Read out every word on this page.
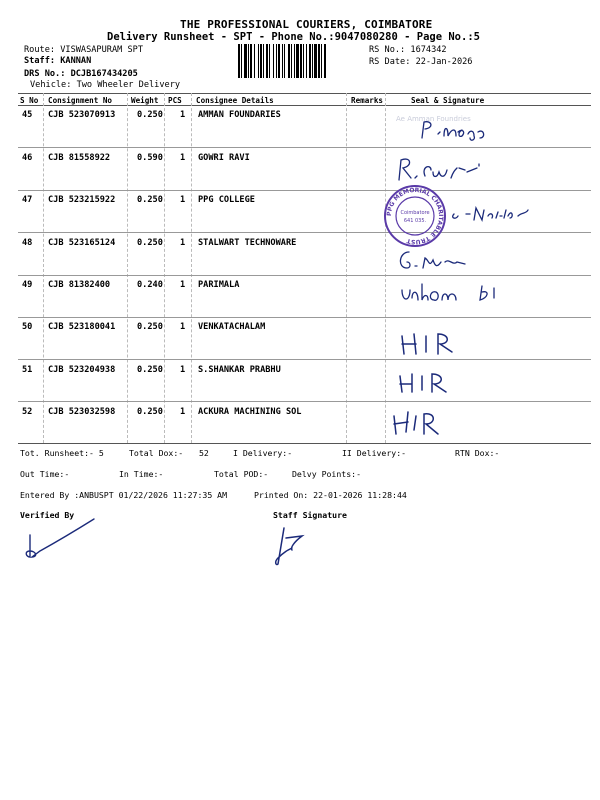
THE PROFESSIONAL COURIERS, COIMBATORE
Delivery Runsheet - SPT - Phone No.:9047080280 - Page No.:5
Route: VISWASAPURAM SPT
Staff: KANNAN
DRS No.: DCJB167434205
Vehicle: Two Wheeler Delivery
RS No.: 1674342
RS Date: 22-Jan-2026
S No Consignment No Weight PCS Consignee Details	Remarks	Seal & Signature
45 CJB 523070913	0.250 1 AMMAN FOUNDARIES
46 CJB 81558922	0.590 1 GOWRI RAVI
47 CJB 523215922	0.250 1 PPG COLLEGE
48 CJB 523165124	0.250 1 STALWART TECHNOWARE
49 CJB 81382400	0.240 1 PARIMALA
50 CJB 523180041	0.250 1 VENKATACHALAM
51 CJB 523204938	0.250 1 S.SHANKAR PRABHU
52 CJB 523032598	0.250 1 ACKURA MACHINING SOL
Ae Amman Foundries
PPG MEMORIAL CHARITABLE TRUST
Coimbatore
641 035.
Tot. Runsheet:- 5	Total Dox:- 52	I Delivery:-	II Delivery:-	RTN Dox:-
Out Time:-	In Time:-	Total POD:-	Delvy Points:-
Entered By :ANBUSPT 01/22/2026 11:27:35 AM	Printed On: 22-01-2026 11:28:44
Verified By	Staff Signature
